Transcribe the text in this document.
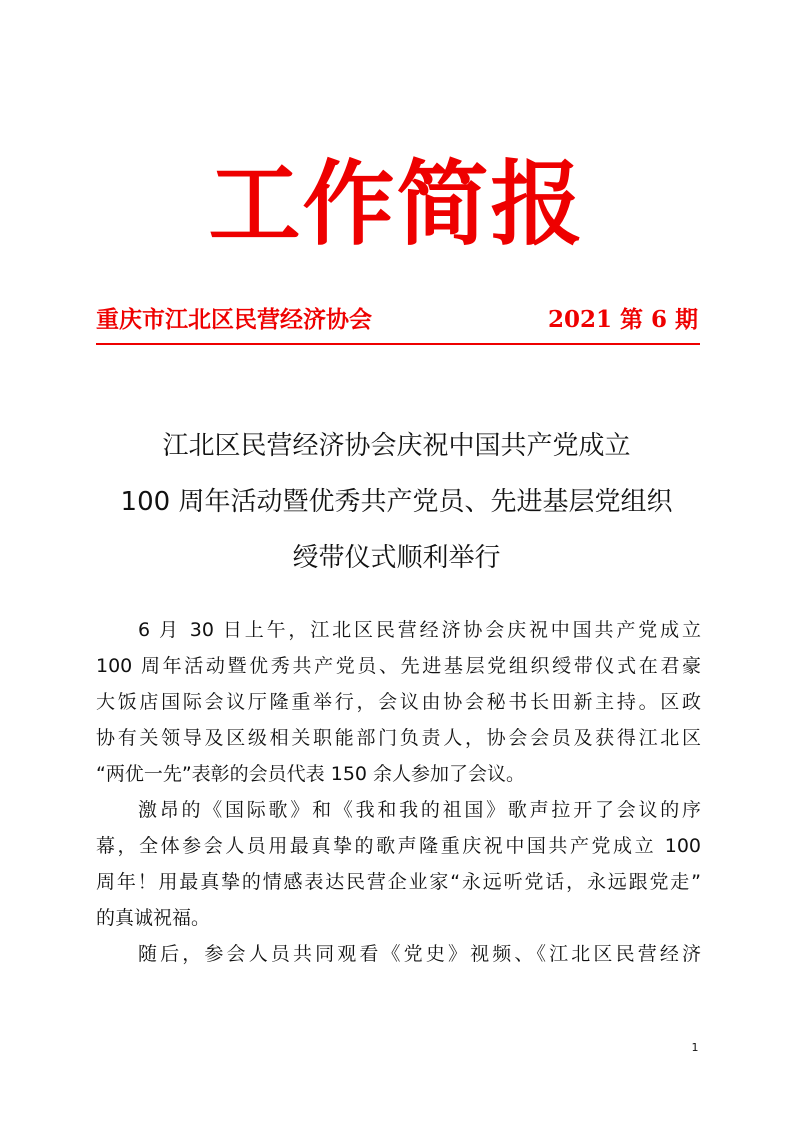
工作简报
重庆市江北区民营经济协会	2021 第 6 期
江北区民营经济协会庆祝中国共产党成立
100 周年活动暨优秀共产党员、先进基层党组织
绶带仪式顺利举行
6 月 30 日上午，江北区民营经济协会庆祝中国共产党成立
100 周年活动暨优秀共产党员、先进基层党组织绶带仪式在君豪
大饭店国际会议厅隆重举行，会议由协会秘书长田新主持。区政
协有关领导及区级相关职能部门负责人，协会会员及获得江北区
“两优一先”表彰的会员代表 150 余人参加了会议。
激昂的《国际歌》和《我和我的祖国》歌声拉开了会议的序
幕，全体参会人员用最真挚的歌声隆重庆祝中国共产党成立 100
周年！用最真挚的情感表达民营企业家“永远听党话，永远跟党走”
的真诚祝福。
随后，参会人员共同观看《党史》视频、《江北区民营经济
1
